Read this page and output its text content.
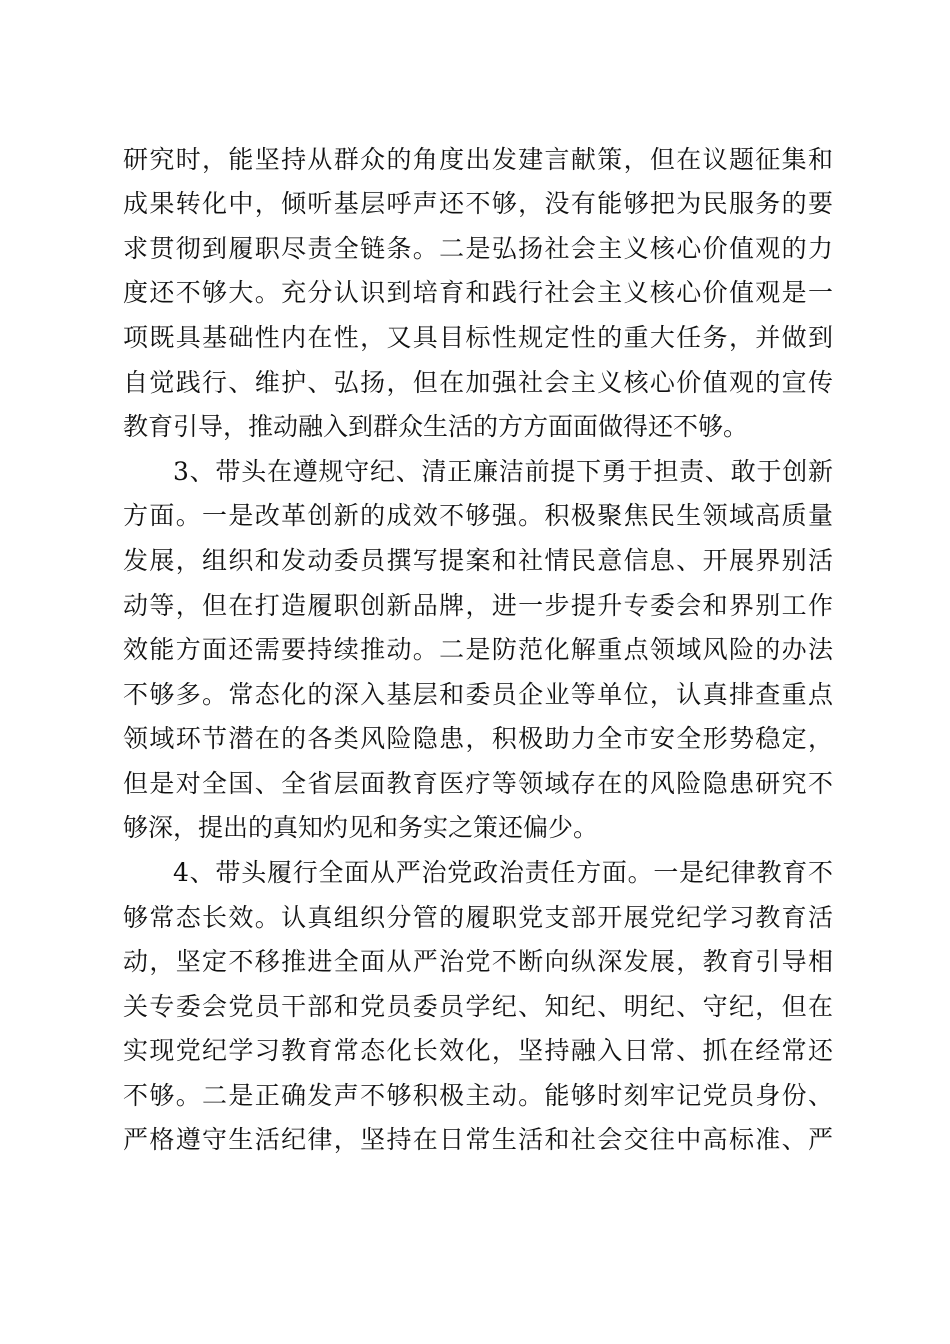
研究时，能坚持从群众的角度出发建言献策，但在议题征集和
成果转化中，倾听基层呼声还不够，没有能够把为民服务的要
求贯彻到履职尽责全链条。二是弘扬社会主义核心价值观的力
度还不够大。充分认识到培育和践行社会主义核心价值观是一
项既具基础性内在性，又具目标性规定性的重大任务，并做到
自觉践行、维护、弘扬，但在加强社会主义核心价值观的宣传
教育引导，推动融入到群众生活的方方面面做得还不够。
3、带头在遵规守纪、清正廉洁前提下勇于担责、敢于创新
方面。一是改革创新的成效不够强。积极聚焦民生领域高质量
发展，组织和发动委员撰写提案和社情民意信息、开展界别活
动等，但在打造履职创新品牌，进一步提升专委会和界别工作
效能方面还需要持续推动。二是防范化解重点领域风险的办法
不够多。常态化的深入基层和委员企业等单位，认真排查重点
领域环节潜在的各类风险隐患，积极助力全市安全形势稳定，
但是对全国、全省层面教育医疗等领域存在的风险隐患研究不
够深，提出的真知灼见和务实之策还偏少。
4、带头履行全面从严治党政治责任方面。一是纪律教育不
够常态长效。认真组织分管的履职党支部开展党纪学习教育活
动，坚定不移推进全面从严治党不断向纵深发展，教育引导相
关专委会党员干部和党员委员学纪、知纪、明纪、守纪，但在
实现党纪学习教育常态化长效化，坚持融入日常、抓在经常还
不够。二是正确发声不够积极主动。能够时刻牢记党员身份、
严格遵守生活纪律，坚持在日常生活和社会交往中高标准、严
